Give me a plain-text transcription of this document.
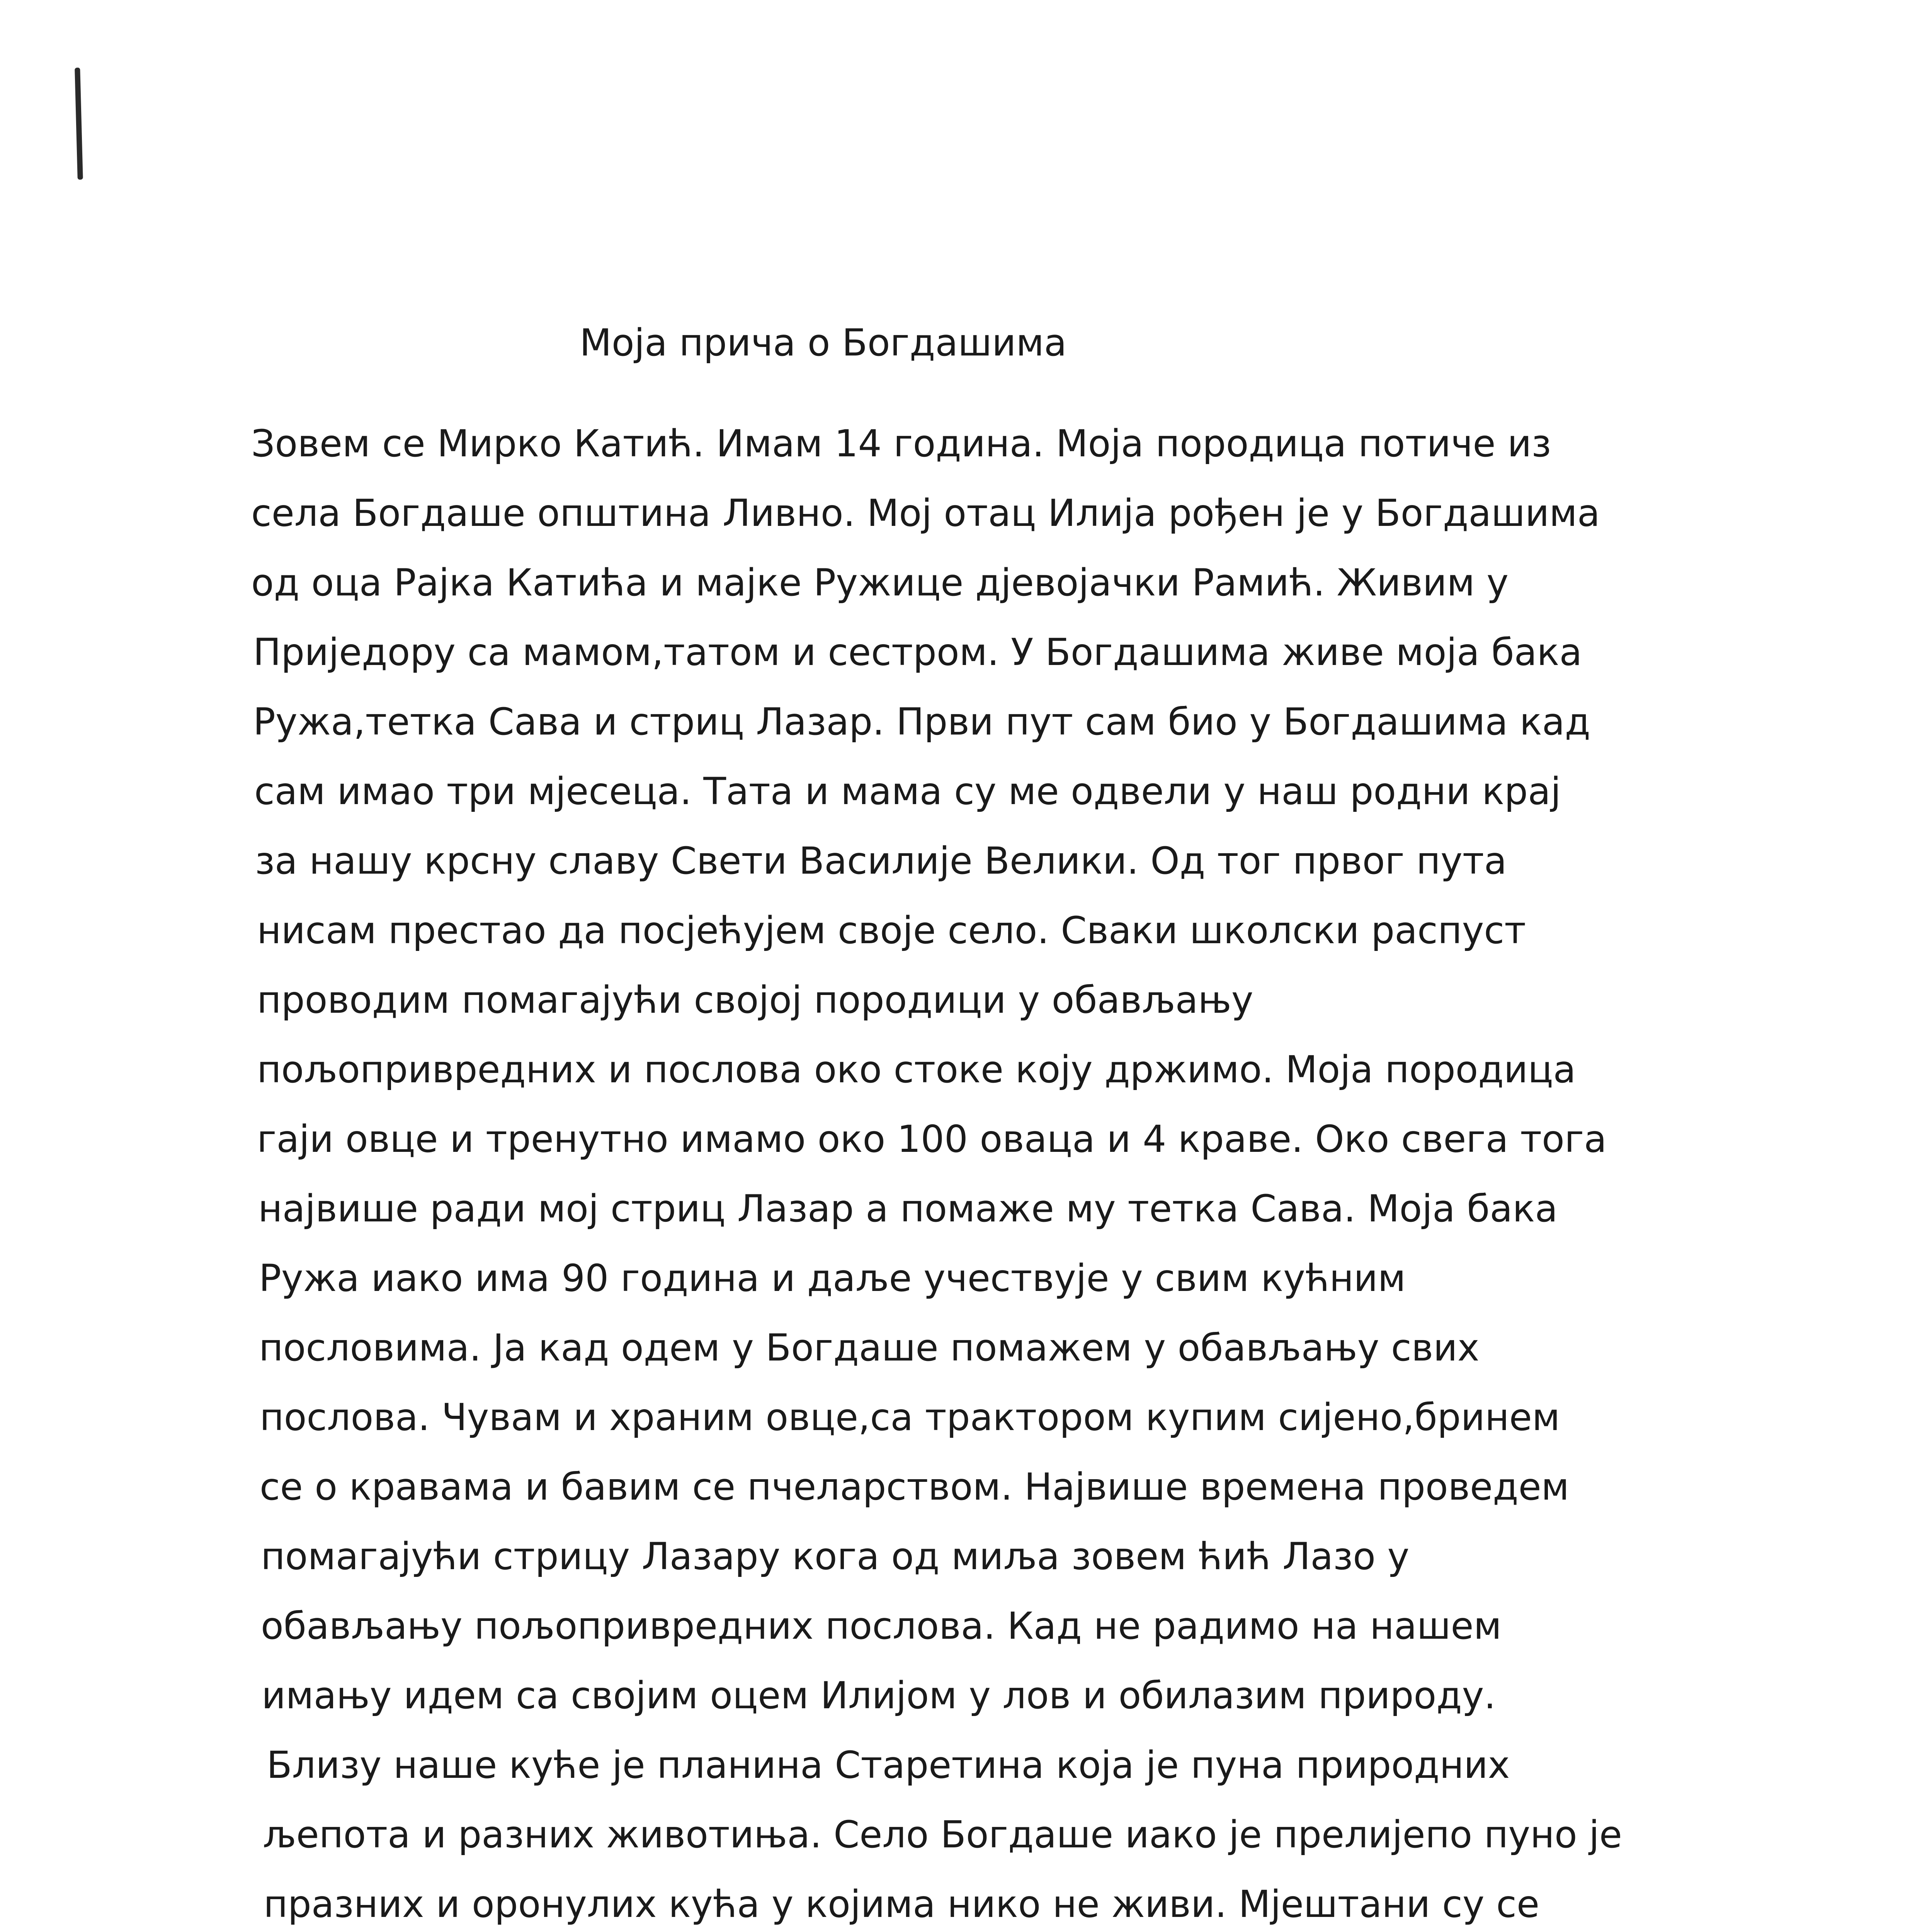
Моја прича о Богдашима
Зовем се Мирко Катић. Имам 14 година. Моја породица потиче из
села Богдаше општина Ливно. Мој отац Илија рођен је у Богдашима
од оца Рајка Катића и мајке Ружице дјевојачки Рамић. Живим у
Приједору са мамом,татом и сестром. У Богдашима живе моја бака
Ружа,тетка Сава и стриц Лазар. Први пут сам био у Богдашима кад
сам имао три мјесеца. Тата и мама су ме одвели у наш родни крај
за нашу крсну славу Свети Василије Велики. Од тог првог пута
нисам престао да посјећујем своје село. Сваки школски распуст
проводим помагајући својој породици у обављању
пољопривредних и послова око стоке коју држимо. Моја породица
гаји овце и тренутно имамо око 100 оваца и 4 краве. Око свега тога
највише ради мој стриц Лазар а помаже му тетка Сава. Моја бака
Ружа иако има 90 година и даље учествује у свим кућним
пословима. Ја кад одем у Богдаше помажем у обављању свих
послова. Чувам и храним овце,са трактором купим сијено,бринем
се о кравама и бавим се пчеларством. Највише времена проведем
помагајући стрицу Лазару кога од миља зовем ћић Лазо у
обављању пољопривредних послова. Кад не радимо на нашем
имању идем са својим оцем Илијом у лов и обилазим природу.
Близу наше куће је планина Старетина која је пуна природних
љепота и разних животиња. Село Богдаше иако је прелијепо пуно је
празних и оронулих кућа у којима нико не живи. Мјештани су се
